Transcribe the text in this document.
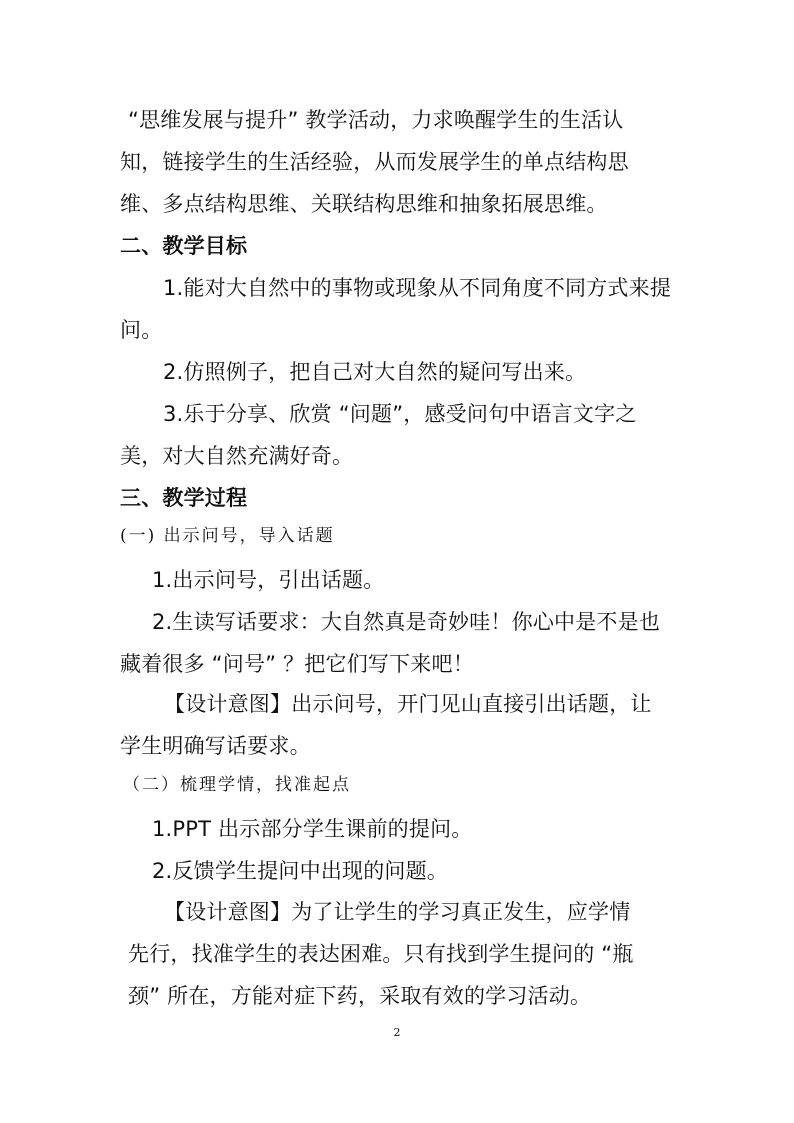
“思维发展与提升” 教学活动，力求唤醒学生的生活认
知，链接学生的生活经验，从而发展学生的单点结构思
维、多点结构思维、关联结构思维和抽象拓展思维。
二、教学目标
1.能对大自然中的事物或现象从不同角度不同方式来提
问。
2.仿照例子，把自己对大自然的疑问写出来。
3.乐于分享、欣赏 “问题”，感受问句中语言文字之
美，对大自然充满好奇。
三、教学过程
(一) 出示问号，导入话题
1.出示问号，引出话题。
2.生读写话要求：大自然真是奇妙哇！你心中是不是也
藏着很多 “问号” ？把它们写下来吧！
【设计意图】出示问号，开门见山直接引出话题，让
学生明确写话要求。
（二）梳理学情，找准起点
1.PPT 出示部分学生课前的提问。
2.反馈学生提问中出现的问题。
【设计意图】为了让学生的学习真正发生，应学情
先行，找准学生的表达困难。只有找到学生提问的 “瓶
颈” 所在，方能对症下药，采取有效的学习活动。
2
